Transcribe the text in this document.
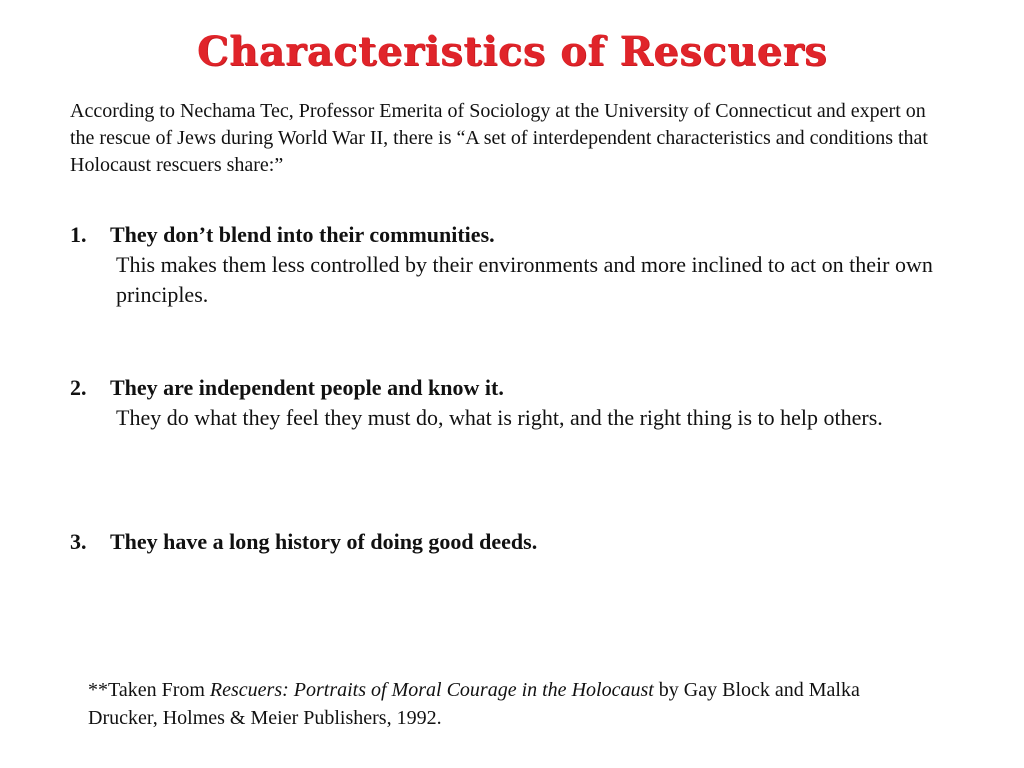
Characteristics of Rescuers
According to Nechama Tec, Professor Emerita of Sociology at the University of Connecticut and expert on the rescue of Jews during World War II, there is “A set of interdependent characteristics and conditions that Holocaust rescuers share:”
1.	They don’t blend into their communities.
This makes them less controlled by their environments and more inclined to act on their own principles.
2.	They are independent people and know it.
They do what they feel they must do, what is right, and the right thing is to help others.
3.	They have a long history of doing good deeds.
**Taken From Rescuers: Portraits of Moral Courage in the Holocaust by Gay Block and Malka Drucker, Holmes & Meier Publishers, 1992.
